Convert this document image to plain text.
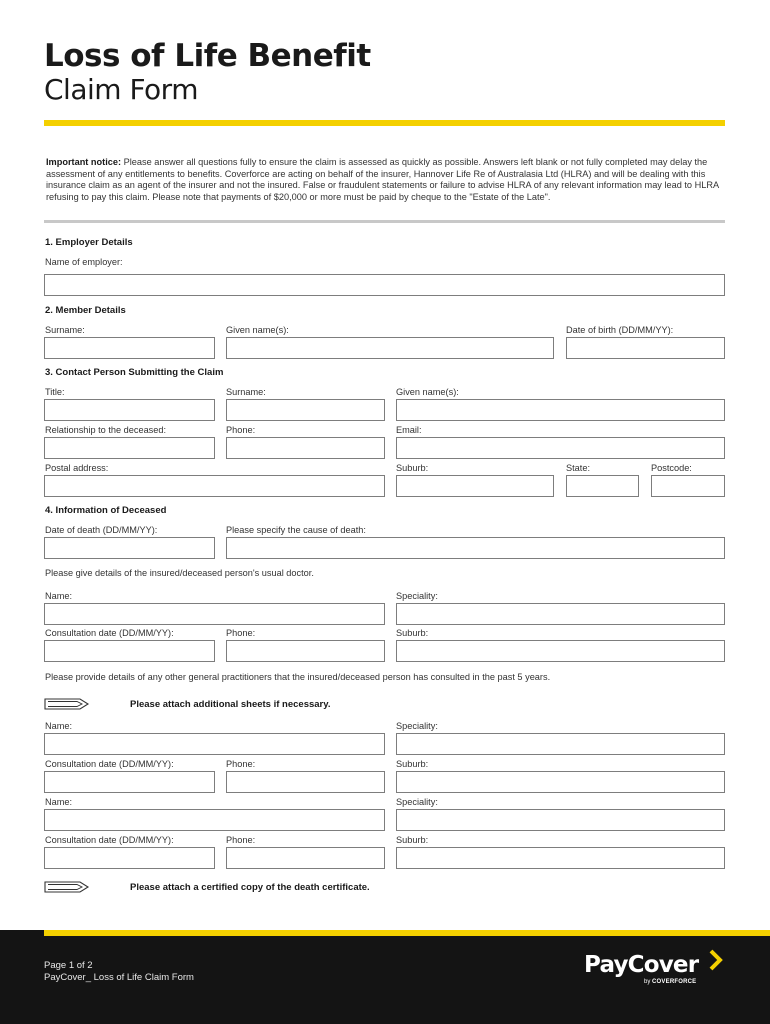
Loss of Life Benefit
Claim Form
Important notice: Please answer all questions fully to ensure the claim is assessed as quickly as possible. Answers left blank or not fully completed may delay the assessment of any entitlements to benefits. Coverforce are acting on behalf of the insurer, Hannover Life Re of Australasia Ltd (HLRA) and will be dealing with this insurance claim as an agent of the insurer and not the insured. False or fraudulent statements or failure to advise HLRA of any relevant information may lead to HLRA refusing to pay this claim. Please note that payments of $20,000 or more must be paid by cheque to the "Estate of the Late".
1. Employer Details
Name of employer:
2. Member Details
Surname:	Given name(s):	Date of birth (DD/MM/YY):
3. Contact Person Submitting the Claim
Title:	Surname:	Given name(s):
Relationship to the deceased:	Phone:	Email:
Postal address:	Suburb:	State:	Postcode:
4. Information of Deceased
Date of death (DD/MM/YY):	Please specify the cause of death:
Please give details of the insured/deceased person's usual doctor.
Name:	Speciality:
Consultation date (DD/MM/YY):	Phone:	Suburb:
Please provide details of any other general practitioners that the insured/deceased person has consulted in the past 5 years.
Please attach additional sheets if necessary.
Name:	Speciality:
Consultation date (DD/MM/YY):	Phone:	Suburb:
Name:	Speciality:
Consultation date (DD/MM/YY):	Phone:	Suburb:
Please attach a certified copy of the death certificate.
Page 1 of 2
PayCover_ Loss of Life Claim Form	PayCover
by COVERFORCE
